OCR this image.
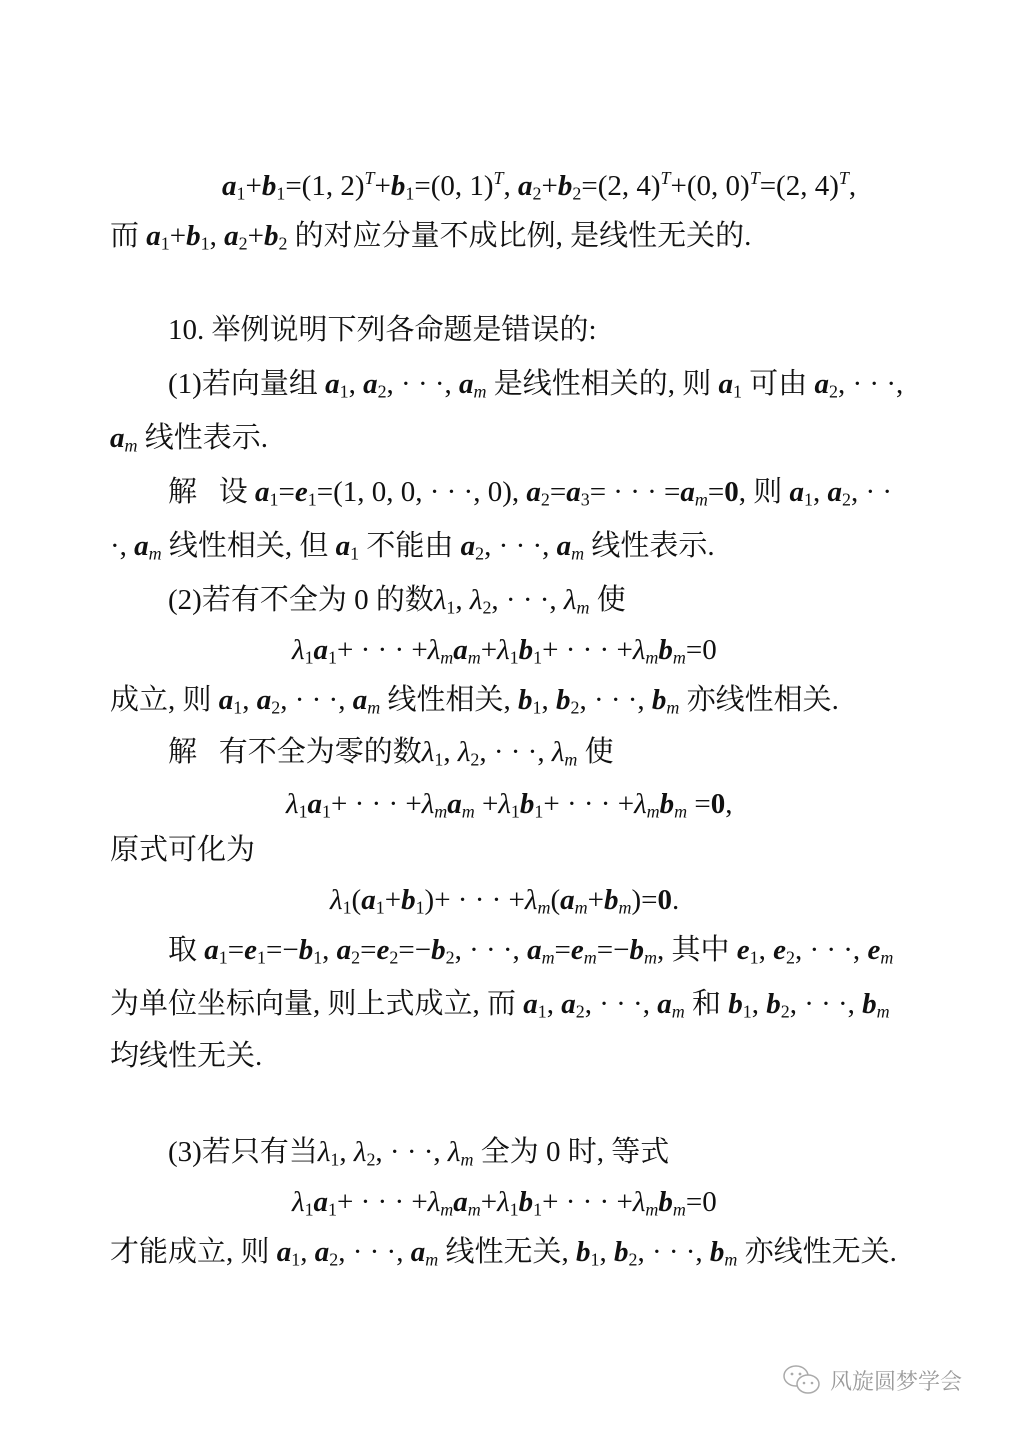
$a_1+b_1=(1$, $2)^T+b_1=(0$, 1)$^T$, $a_2+b_2=(2$, 4)$^T$+(0, 0)$^T$=(2, 4)$^T$,
而 $a_1+b_1$, $a_2+b_2$ 的对应分量不成比例, 是线性无关的.
10. 举例说明下列各命题是错误的:
(1)若向量组 $a_1$, $a_2$, · · ·, $a_m$ 是线性相关的, 则 $a_1$ 可由 $a_2$, · · ·,
$a_m$ 线性表示.
解   设 $a_1=e_1=(1$, 0, 0, · · ·, 0), $a_2=a_3=$ · · · $=a_m=0$, 则 $a_1$, $a_2$, · ·
·, $a_m$ 线性相关, 但 $a_1$ 不能由 $a_2$, · · ·, $a_m$ 线性表示.
(2)若有不全为 0 的数$\lambda_1$, $\lambda_2$, · · ·, $\lambda_m$ 使
$\lambda_1a_1+$ · · · $+\lambda_ma_m+\lambda_1b_1+$ · · · $+\lambda_mb_m=0$
成立, 则 $a_1$, $a_2$, · · ·, $a_m$ 线性相关, $b_1$, $b_2$, · · ·, $b_m$ 亦线性相关.
解   有不全为零的数$\lambda_1$, $\lambda_2$, · · ·, $\lambda_m$ 使
$\lambda_1a_1+$ · · · $+\lambda_ma_m +\lambda_1b_1+$ · · · $+\lambda_mb_m =0$,
原式可化为
$\lambda_1(a_1+b_1)+$ · · · $+\lambda_m(a_m+b_m)=0$.
取 $a_1=e_1=-b_1$, $a_2=e_2=-b_2$, · · ·, $a_m=e_m=-b_m$, 其中 $e_1$, $e_2$, · · ·, $e_m$
为单位坐标向量, 则上式成立, 而 $a_1$, $a_2$, · · ·, $a_m$ 和 $b_1$, $b_2$, · · ·, $b_m$
均线性无关.
(3)若只有当$\lambda_1$, $\lambda_2$, · · ·, $\lambda_m$ 全为 0 时, 等式
$\lambda_1a_1+$ · · · $+\lambda_ma_m+\lambda_1b_1+$ · · · $+\lambda_mb_m=0$
才能成立, 则 $a_1$, $a_2$, · · ·, $a_m$ 线性无关, $b_1$, $b_2$, · · ·, $b_m$ 亦线性无关.
风旋圆梦学会
